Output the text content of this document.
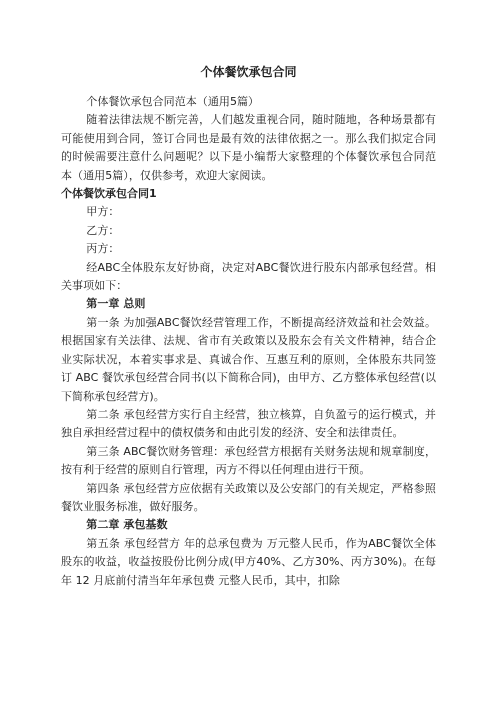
个体餐饮承包合同

个体餐饮承包合同范本（通用5篇）

随着法律法规不断完善，人们越发重视合同，随时随地，各种场景都有可能使用到合同，签订合同也是最有效的法律依据之一。那么我们拟定合同的时候需要注意什么问题呢？以下是小编帮大家整理的个体餐饮承包合同范本（通用5篇），仅供参考，欢迎大家阅读。

个体餐饮承包合同1

甲方：

乙方：

丙方：

经ABC全体股东友好协商，决定对ABC餐饮进行股东内部承包经营。相关事项如下：

第一章 总则

第一条 为加强ABC餐饮经营管理工作，不断提高经济效益和社会效益。根据国家有关法律、法规、省市有关政策以及股东会有关文件精神，结合企业实际状况，本着实事求是、真诚合作、互惠互利的原则，全体股东共同签订 ABC 餐饮承包经营合同书(以下简称合同)，由甲方、乙方整体承包经营(以下简称承包经营方)。

第二条 承包经营方实行自主经营，独立核算，自负盈亏的运行模式，并独自承担经营过程中的债权债务和由此引发的经济、安全和法律责任。

第三条 ABC餐饮财务管理：承包经营方根据有关财务法规和规章制度，按有利于经营的原则自行管理，丙方不得以任何理由进行干预。

第四条 承包经营方应依据有关政策以及公安部门的有关规定，严格参照餐饮业服务标准，做好服务。

第二章 承包基数

第五条 承包经营方 年的总承包费为 万元整人民币，作为ABC餐饮全体股东的收益，收益按股份比例分成(甲方40%、乙方30%、丙方30%)。在每年 12 月底前付清当年年承包费 元整人民币，其中，扣除
